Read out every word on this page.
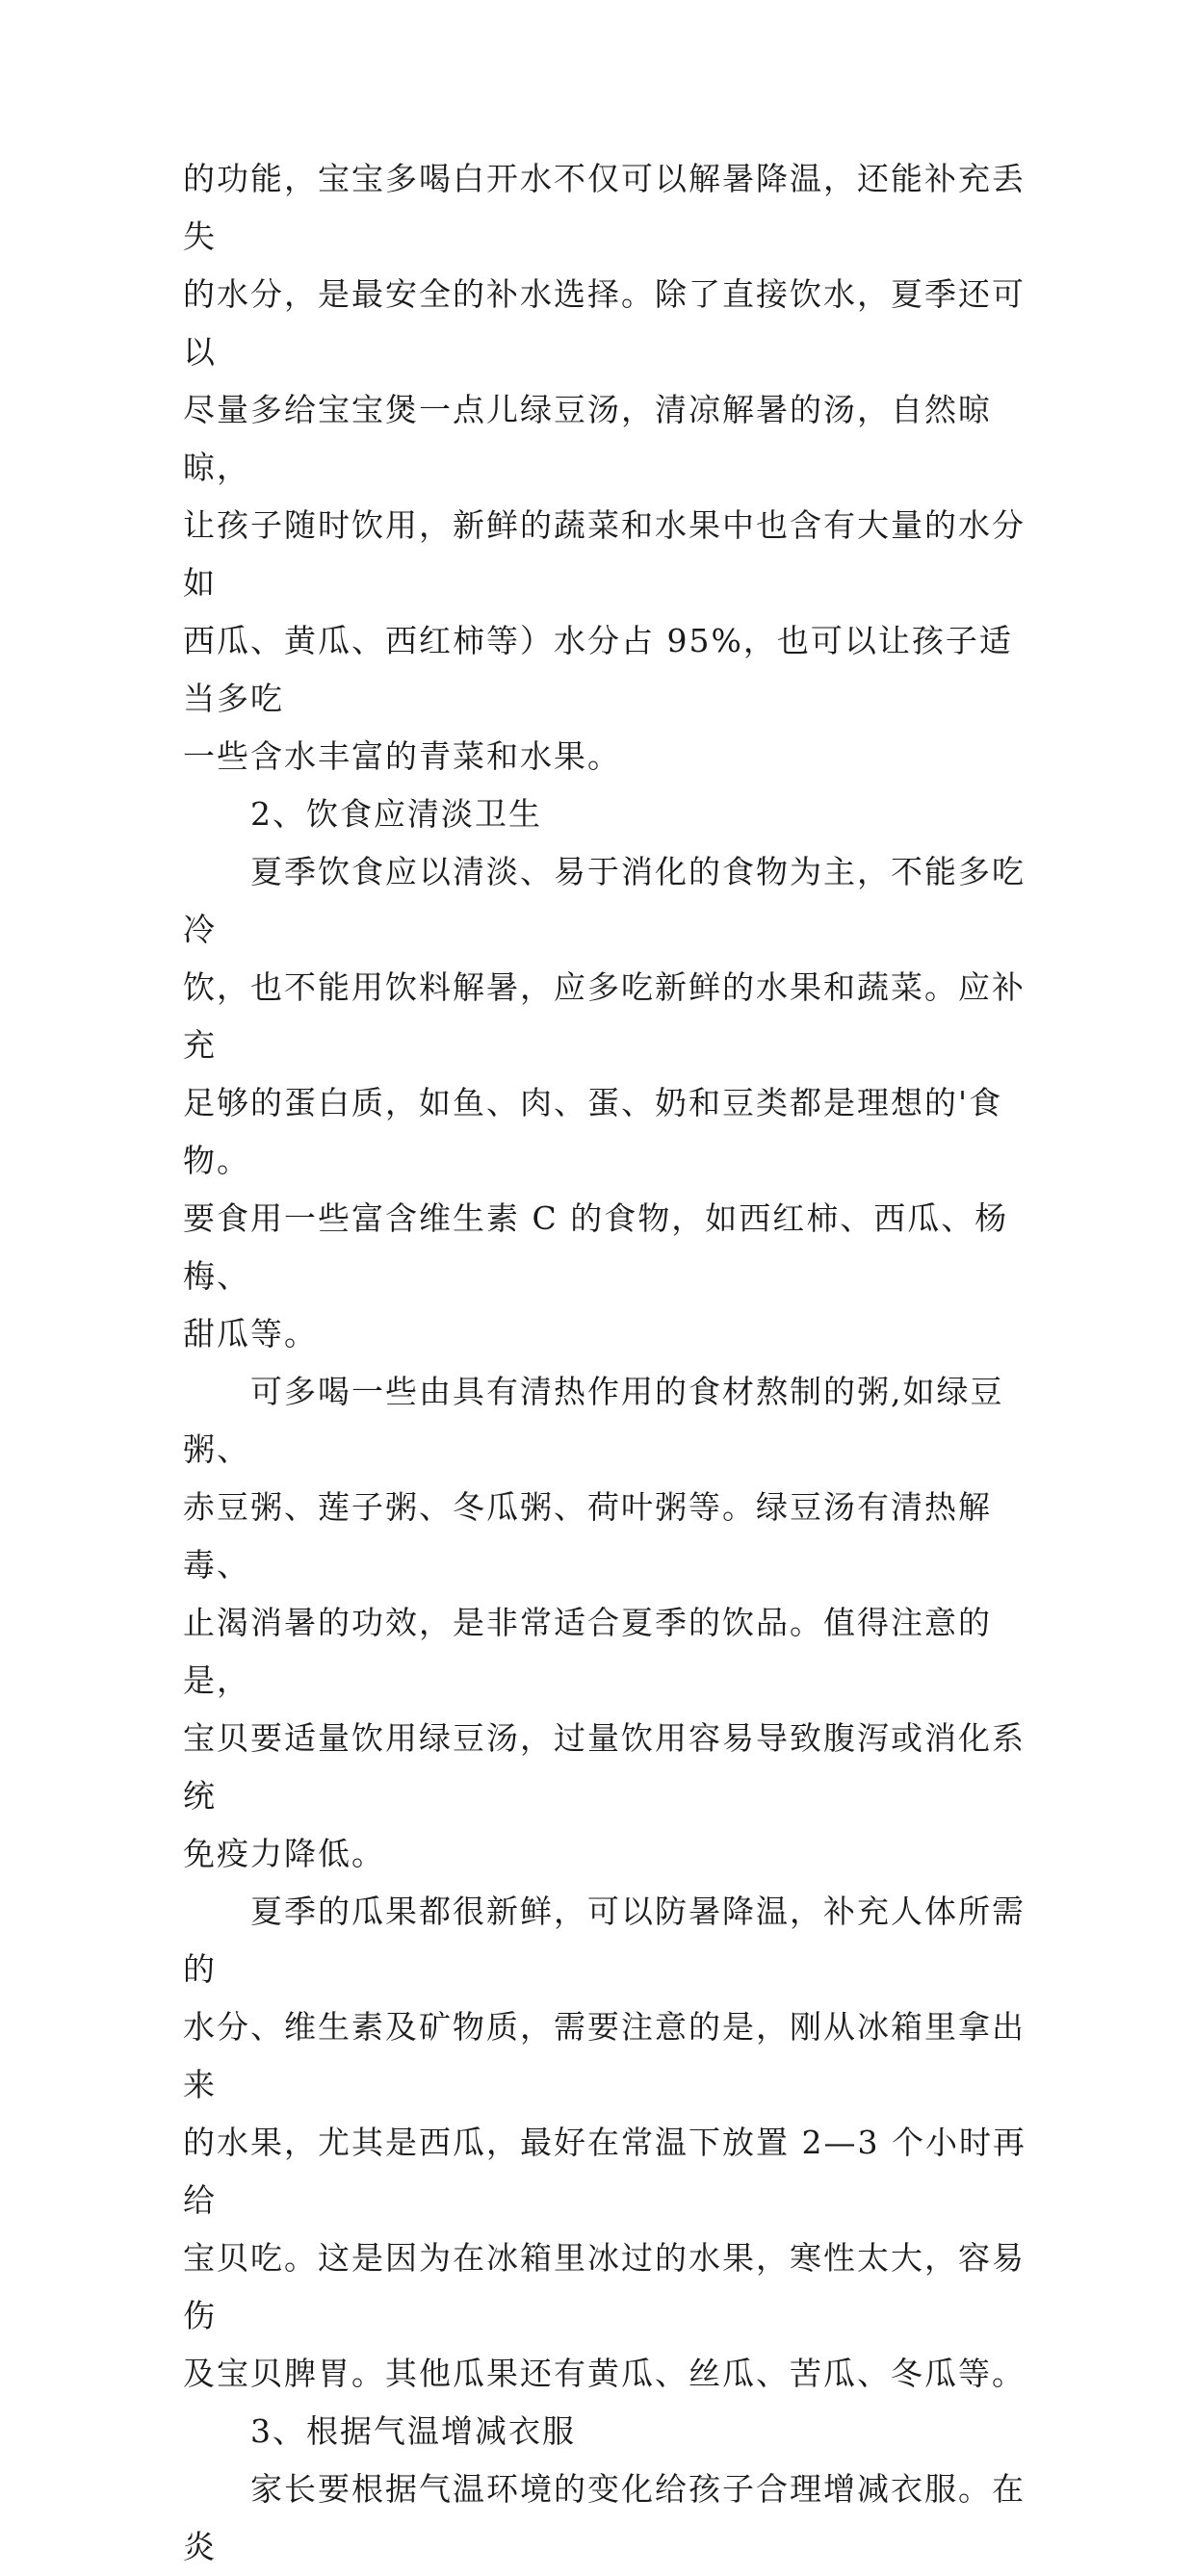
的功能，宝宝多喝白开水不仅可以解暑降温，还能补充丢失
的水分，是最安全的补水选择。除了直接饮水，夏季还可以
尽量多给宝宝煲一点儿绿豆汤，清凉解暑的汤，自然晾晾，
让孩子随时饮用，新鲜的蔬菜和水果中也含有大量的水分如
西瓜、黄瓜、西红柿等）水分占 95%，也可以让孩子适当多吃
一些含水丰富的青菜和水果。

　　2、饮食应清淡卫生

　　夏季饮食应以清淡、易于消化的食物为主，不能多吃冷
饮，也不能用饮料解暑，应多吃新鲜的水果和蔬菜。应补充
足够的蛋白质，如鱼、肉、蛋、奶和豆类都是理想的'食物。
要食用一些富含维生素 C 的食物，如西红柿、西瓜、杨梅、
甜瓜等。

　　可多喝一些由具有清热作用的食材熬制的粥,如绿豆粥、
赤豆粥、莲子粥、冬瓜粥、荷叶粥等。绿豆汤有清热解毒、
止渴消暑的功效，是非常适合夏季的饮品。值得注意的是，
宝贝要适量饮用绿豆汤，过量饮用容易导致腹泻或消化系统
免疫力降低。

　　夏季的瓜果都很新鲜，可以防暑降温，补充人体所需的
水分、维生素及矿物质，需要注意的是，刚从冰箱里拿出来
的水果，尤其是西瓜，最好在常温下放置 2—3 个小时再给
宝贝吃。这是因为在冰箱里冰过的水果，寒性太大，容易伤
及宝贝脾胃。其他瓜果还有黄瓜、丝瓜、苦瓜、冬瓜等。

　　3、根据气温增减衣服

　　家长要根据气温环境的变化给孩子合理增减衣服。在炎
